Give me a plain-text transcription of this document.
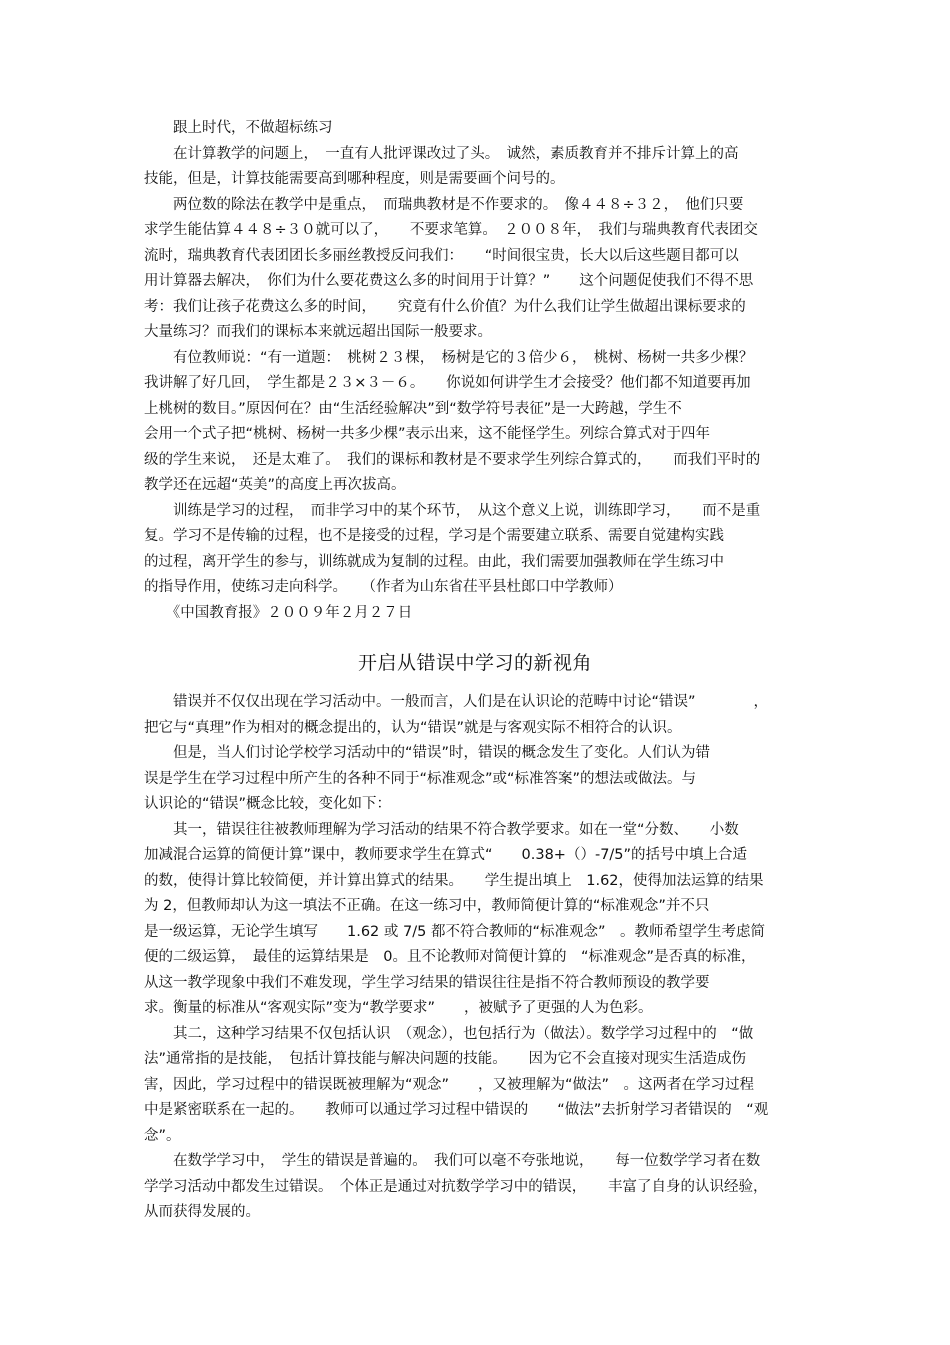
　　跟上时代，不做超标练习
　　在计算教学的问题上，　一直有人批评课改过了头。　诚然，素质教育并不排斥计算上的高
技能，但是，计算技能需要高到哪种程度，则是需要画个问号的。
　　两位数的除法在教学中是重点，　而瑞典教材是不作要求的。　像４４８÷３２，　他们只要
求学生能估算４４８÷３０就可以了，　　不要求笔算。　２００８年，　我们与瑞典教育代表团交
流时，瑞典教育代表团团长多丽丝教授反问我们：　　“时间很宝贵，长大以后这些题目都可以
用计算器去解决，　你们为什么要花费这么多的时间用于计算？”　　这个问题促使我们不得不思
考：我们让孩子花费这么多的时间，　　究竟有什么价值？为什么我们让学生做超出课标要求的
大量练习？而我们的课标本来就远超出国际一般要求。
　　有位教师说：“有一道题：　桃树２３棵，　杨树是它的３倍少６，　桃树、杨树一共多少棵？
我讲解了好几回，　学生都是２３×３－６。　　你说如何讲学生才会接受？他们都不知道要再加
上桃树的数目。”原因何在？由“生活经验解决”到“数学符号表征”是一大跨越，学生不
会用一个式子把“桃树、杨树一共多少棵”表示出来，这不能怪学生。列综合算式对于四年
级的学生来说，　还是太难了。　我们的课标和教材是不要求学生列综合算式的，　　而我们平时的
教学还在远超“英美”的高度上再次拔高。
　　训练是学习的过程，　而非学习中的某个环节，　从这个意义上说，训练即学习，　　而不是重
复。学习不是传输的过程，也不是接受的过程，学习是个需要建立联系、需要自觉建构实践
的过程，离开学生的参与，训练就成为复制的过程。由此，我们需要加强教师在学生练习中
的指导作用，使练习走向科学。　　（作者为山东省茌平县杜郎口中学教师）
　　《中国教育报》２００９年２月２７日
开启从错误中学习的新视角
　　错误并不仅仅出现在学习活动中。一般而言，人们是在认识论的范畴中讨论“错误”　　　　，
把它与“真理”作为相对的概念提出的，认为“错误”就是与客观实际不相符合的认识。
　　但是，当人们讨论学校学习活动中的“错误”时，错误的概念发生了变化。人们认为错
误是学生在学习过程中所产生的各种不同于“标准观念”或“标准答案”的想法或做法。与
认识论的“错误”概念比较，变化如下：
　　其一，错误往往被教师理解为学习活动的结果不符合教学要求。如在一堂“分数、　　小数
加减混合运算的简便计算”课中，教师要求学生在算式“　　0.38+（）-7/5”的括号中填上合适
的数，使得计算比较简便，并计算出算式的结果。　　学生提出填上　1.62，使得加法运算的结果
为 2，但教师却认为这一填法不正确。在这一练习中，教师简便计算的“标准观念”并不只
是一级运算，无论学生填写　　1.62 或 7/5 都不符合教师的“标准观念”　。教师希望学生考虑简
便的二级运算，　最佳的运算结果是　0。且不论教师对简便计算的　“标准观念”是否真的标准，
从这一教学现象中我们不难发现，学生学习结果的错误往往是指不符合教师预设的教学要
求。衡量的标准从“客观实际”变为“教学要求”　　，被赋予了更强的人为色彩。
　　其二，这种学习结果不仅包括认识　（观念），也包括行为（做法）。数学学习过程中的　“做
法”通常指的是技能，　包括计算技能与解决问题的技能。　　因为它不会直接对现实生活造成伤
害，因此，学习过程中的错误既被理解为“观念”　　，又被理解为“做法”　。这两者在学习过程
中是紧密联系在一起的。　　教师可以通过学习过程中错误的　　“做法”去折射学习者错误的　“观
念”。
　　在数学学习中，　学生的错误是普遍的。　我们可以毫不夸张地说，　　每一位数学学习者在数
学学习活动中都发生过错误。　个体正是通过对抗数学学习中的错误，　　丰富了自身的认识经验，
从而获得发展的。
